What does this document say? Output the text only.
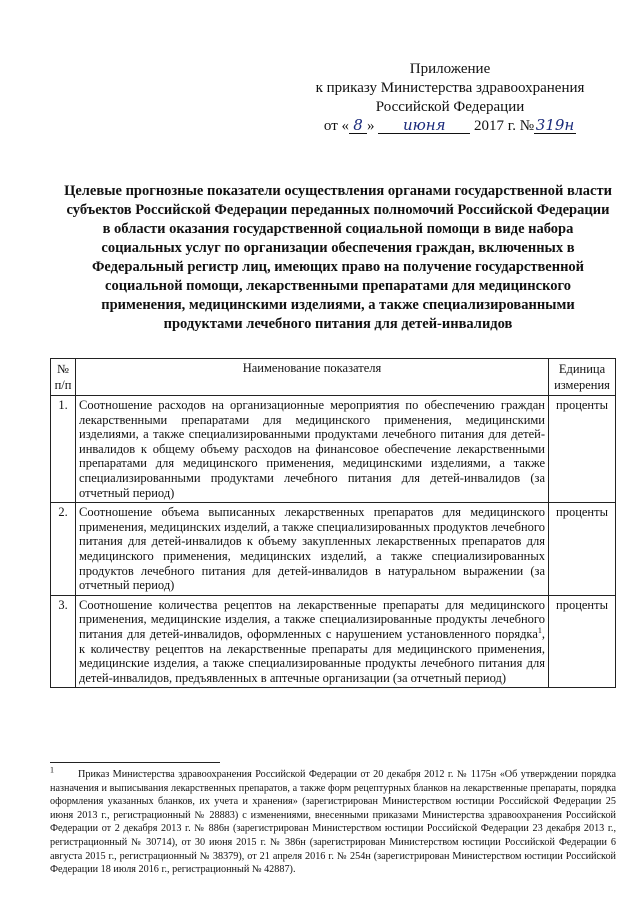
Приложение
к приказу Министерства здравоохранения
Российской Федерации
от « 8 » июня 2017 г. № 319н
Целевые прогнозные показатели осуществления органами государственной власти субъектов Российской Федерации переданных полномочий Российской Федерации в области оказания государственной социальной помощи в виде набора социальных услуг по организации обеспечения граждан, включенных в Федеральный регистр лиц, имеющих право на получение государственной социальной помощи, лекарственными препаратами для медицинского применения, медицинскими изделиями, а также специализированными продуктами лечебного питания для детей-инвалидов
№ п/п	Наименование показателя	Единица измерения
1.	Соотношение расходов на организационные мероприятия по обеспечению граждан лекарственными препаратами для медицинского применения, медицинскими изделиями, а также специализированными продуктами лечебного питания для детей-инвалидов к общему объему расходов на финансовое обеспечение лекарственными препаратами для медицинского применения, медицинскими изделиями, а также специализированными продуктами лечебного питания для детей-инвалидов (за отчетный период)	проценты
2.	Соотношение объема выписанных лекарственных препаратов для медицинского применения, медицинских изделий, а также специализированных продуктов лечебного питания для детей-инвалидов к объему закупленных лекарственных препаратов для медицинского применения, медицинских изделий, а также специализированных продуктов лечебного питания для детей-инвалидов в натуральном выражении (за отчетный период)	проценты
3.	Соотношение количества рецептов на лекарственные препараты для медицинского применения, медицинские изделия, а также специализированные продукты лечебного питания для детей-инвалидов, оформленных с нарушением установленного порядка$^1$, к количеству рецептов на лекарственные препараты для медицинского применения, медицинские изделия, а также специализированные продукты лечебного питания для детей-инвалидов, предъявленных в аптечные организации (за отчетный период)	проценты
$^1$ Приказ Министерства здравоохранения Российской Федерации от 20 декабря 2012 г. № 1175н «Об утверждении порядка назначения и выписывания лекарственных препаратов, а также форм рецептурных бланков на лекарственные препараты, порядка оформления указанных бланков, их учета и хранения» (зарегистрирован Министерством юстиции Российской Федерации 25 июня 2013 г., регистрационный № 28883) с изменениями, внесенными приказами Министерства здравоохранения Российской Федерации от 2 декабря 2013 г. № 886н (зарегистрирован Министерством юстиции Российской Федерации 23 декабря 2013 г., регистрационный № 30714), от 30 июня 2015 г. № 386н (зарегистрирован Министерством юстиции Российской Федерации 6 августа 2015 г., регистрационный № 38379), от 21 апреля 2016 г. № 254н (зарегистрирован Министерством юстиции Российской Федерации 18 июля 2016 г., регистрационный № 42887).
